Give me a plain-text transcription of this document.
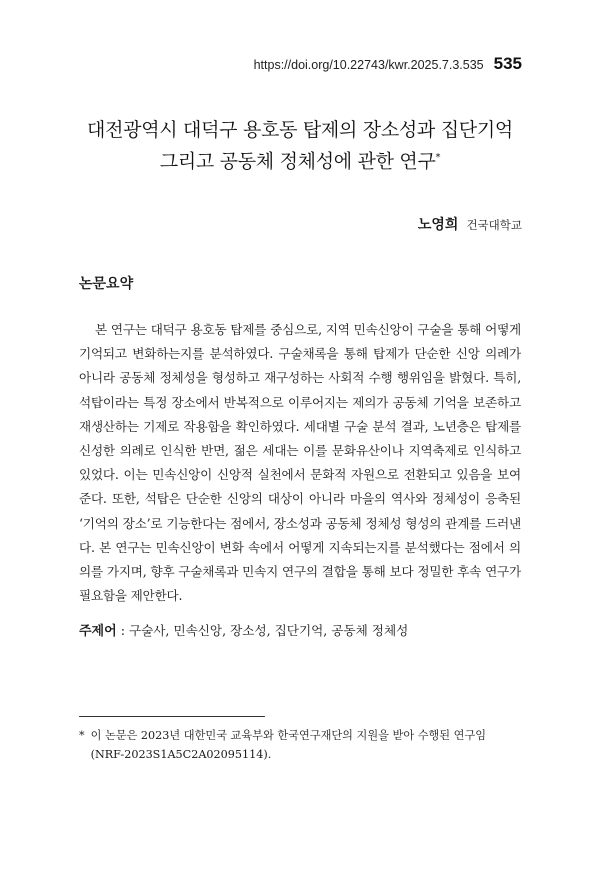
https://doi.org/10.22743/kwr.2025.7.3.535 535
대전광역시 대덕구 용호동 탑제의 장소성과 집단기억
그리고 공동체 정체성에 관한 연구*
노영희 건국대학교
논문요약

본 연구는 대덕구 용호동 탑제를 중심으로, 지역 민속신앙이 구술을 통해 어떻게 기억되고 변화하는지를 분석하였다. 구술채록을 통해 탑제가 단순한 신앙 의례가 아니라 공동체 정체성을 형성하고 재구성하는 사회적 수행 행위임을 밝혔다. 특히, 석탑이라는 특정 장소에서 반복적으로 이루어지는 제의가 공동체 기억을 보존하고 재생산하는 기제로 작용함을 확인하였다. 세대별 구술 분석 결과, 노년층은 탑제를 신성한 의례로 인식한 반면, 젊은 세대는 이를 문화유산이나 지역축제로 인식하고 있었다. 이는 민속신앙이 신앙적 실천에서 문화적 자원으로 전환되고 있음을 보여준다. 또한, 석탑은 단순한 신앙의 대상이 아니라 마을의 역사와 정체성이 응축된 ‘기억의 장소’로 기능한다는 점에서, 장소성과 공동체 정체성 형성의 관계를 드러낸다. 본 연구는 민속신앙이 변화 속에서 어떻게 지속되는지를 분석했다는 점에서 의의를 가지며, 향후 구술채록과 민속지 연구의 결합을 통해 보다 정밀한 후속 연구가 필요함을 제안한다.

주제어 : 구술사, 민속신앙, 장소성, 집단기억, 공동체 정체성
* 이 논문은 2023년 대한민국 교육부와 한국연구재단의 지원을 받아 수행된 연구임 (NRF-2023S1A5C2A02095114).
